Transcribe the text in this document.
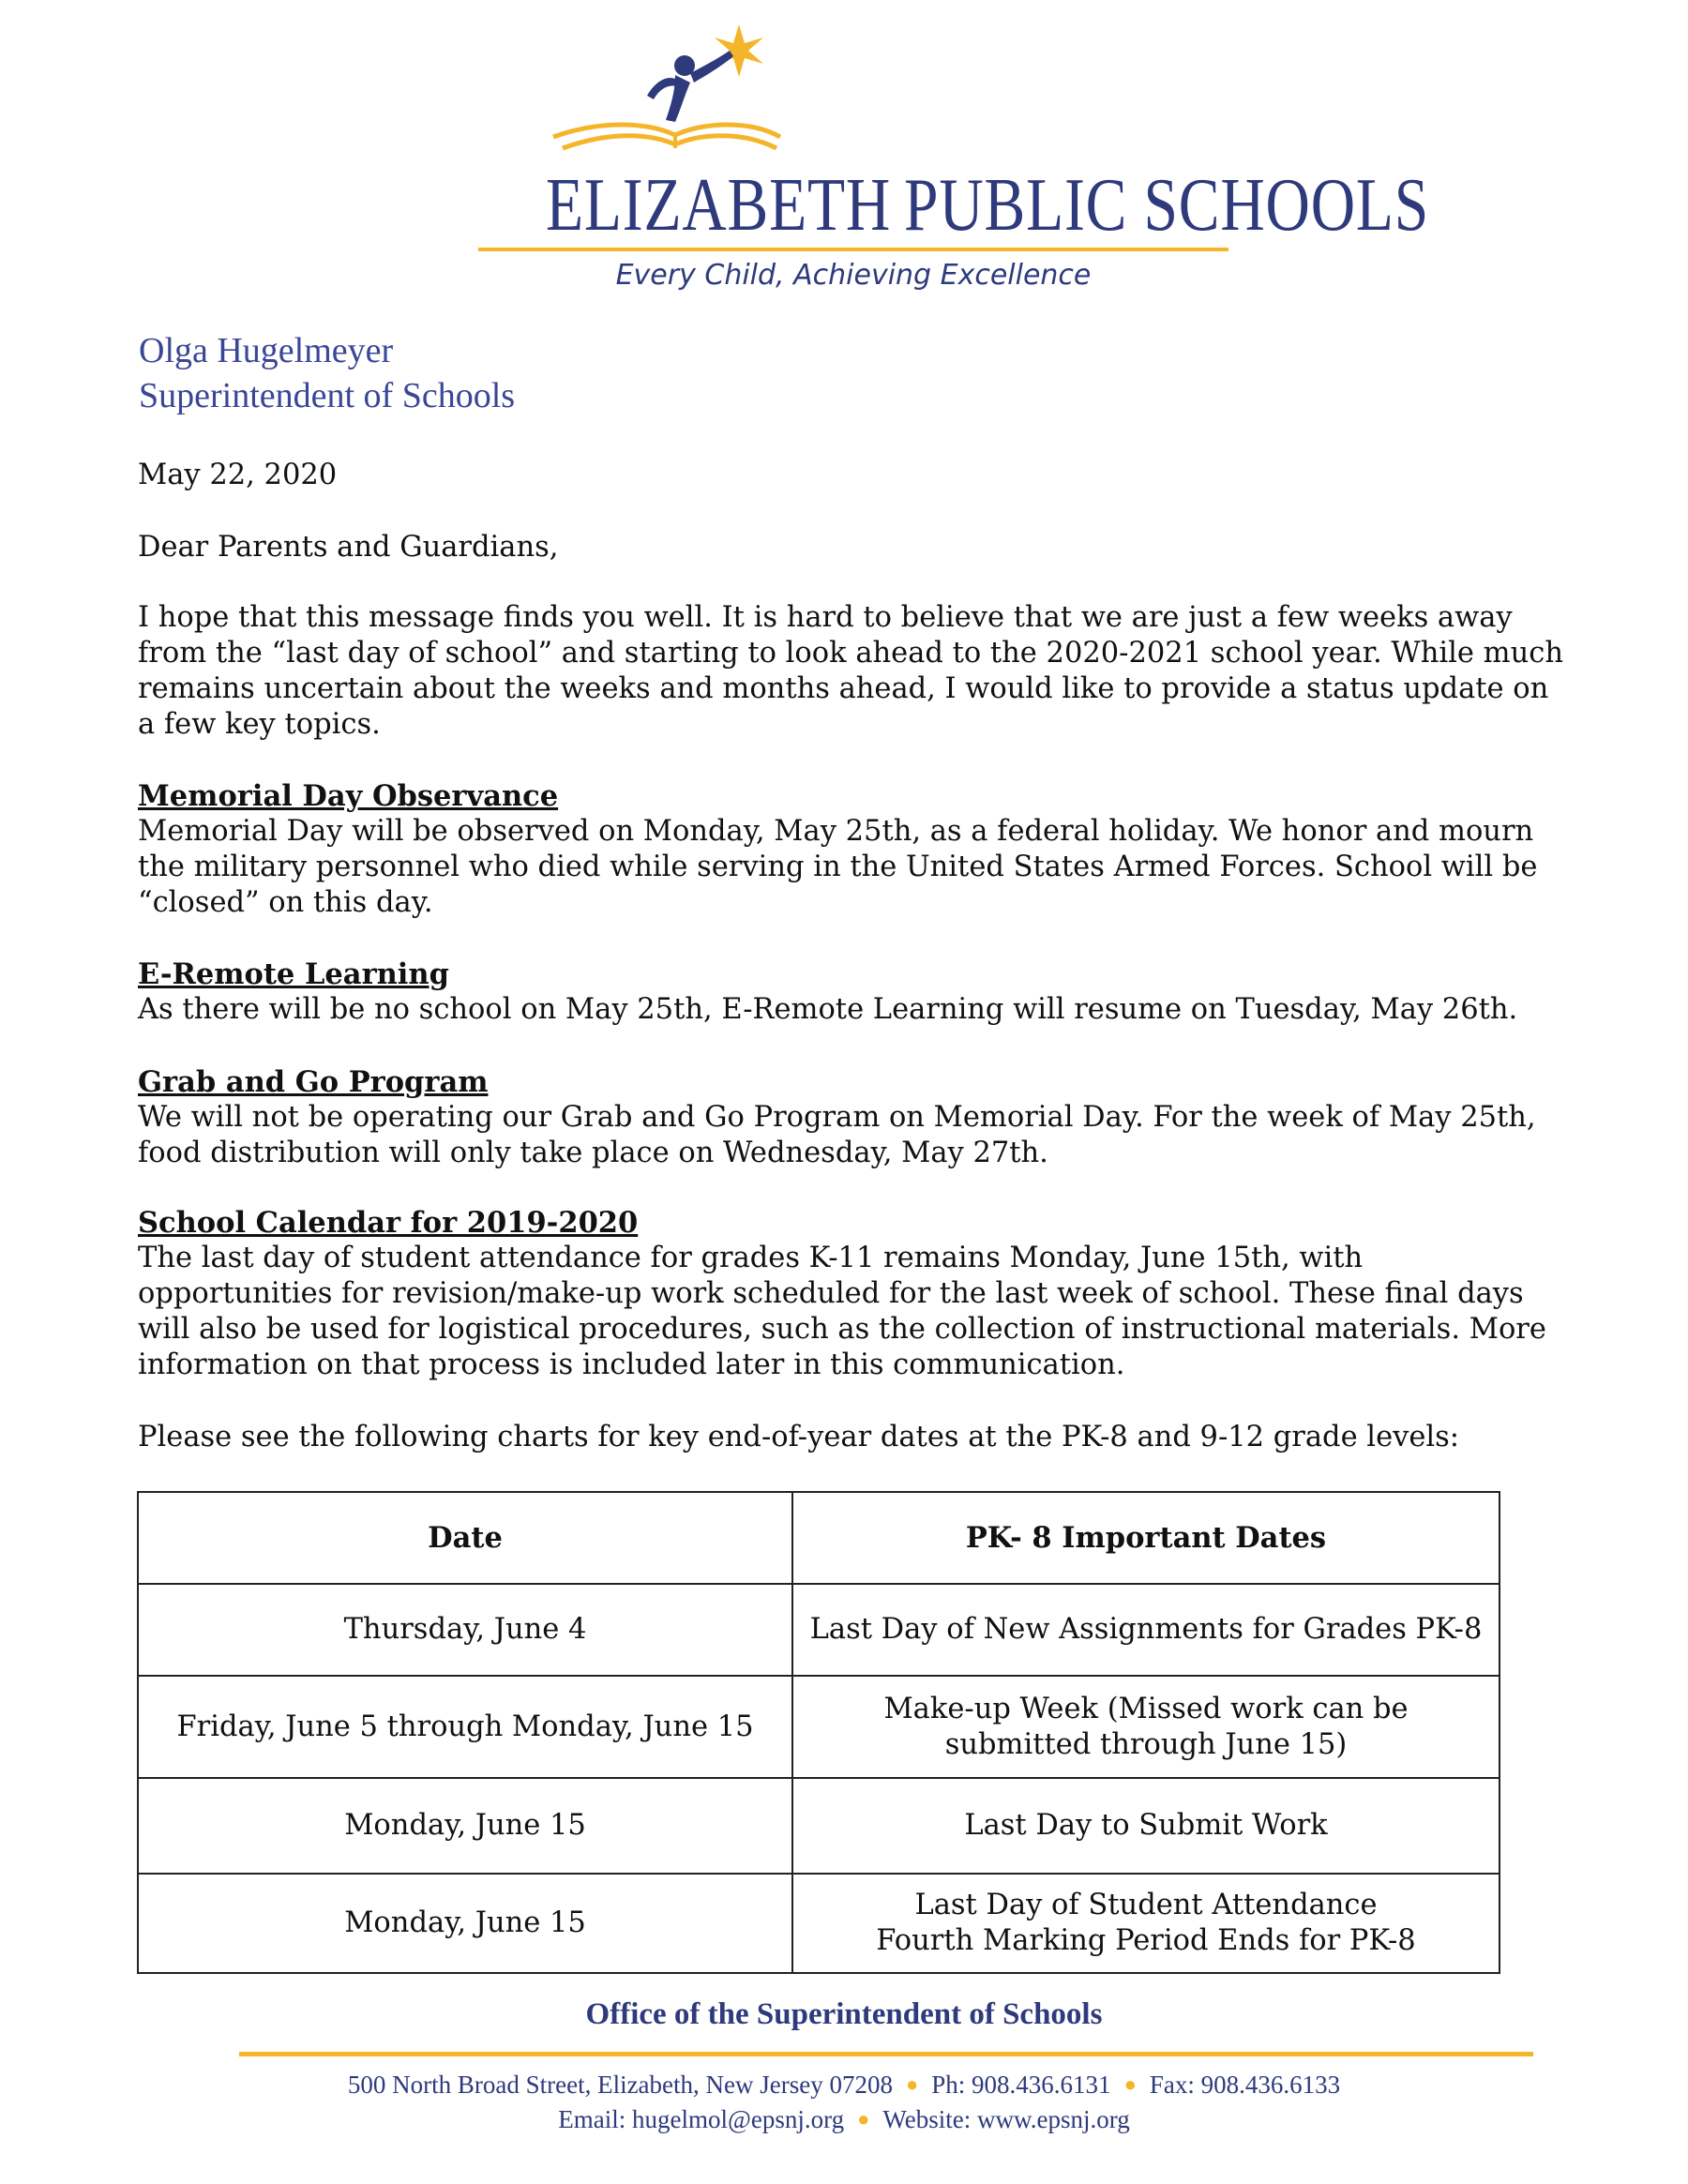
ELIZABETH PUBLIC SCHOOLS
Every Child, Achieving Excellence
Olga Hugelmeyer
Superintendent of Schools
May 22, 2020
Dear Parents and Guardians,
I hope that this message finds you well. It is hard to believe that we are just a few weeks away from the “last day of school” and starting to look ahead to the 2020-2021 school year. While much remains uncertain about the weeks and months ahead, I would like to provide a status update on a few key topics.
Memorial Day Observance

Memorial Day will be observed on Monday, May 25th, as a federal holiday. We honor and mourn the military personnel who died while serving in the United States Armed Forces. School will be “closed” on this day.

E-Remote Learning

As there will be no school on May 25th, E-Remote Learning will resume on Tuesday, May 26th.

Grab and Go Program

We will not be operating our Grab and Go Program on Memorial Day. For the week of May 25th, food distribution will only take place on Wednesday, May 27th.

School Calendar for 2019-2020

The last day of student attendance for grades K-11 remains Monday, June 15th, with opportunities for revision/make-up work scheduled for the last week of school. These final days will also be used for logistical procedures, such as the collection of instructional materials. More information on that process is included later in this communication.

Please see the following charts for key end-of-year dates at the PK-8 and 9-12 grade levels:
Date	PK- 8 Important Dates
Thursday, June 4	Last Day of New Assignments for Grades PK-8

Friday, June 5 through Monday, June 15	Make-up Week (Missed work can be
submitted through June 15)

Monday, June 15	Last Day to Submit Work

Monday, June 15	Last Day of Student Attendance
Fourth Marking Period Ends for PK-8
Office of the Superintendent of Schools
500 North Broad Street, Elizabeth, New Jersey 07208 ● Ph: 908.436.6131 ● Fax: 908.436.6133
Email: hugelmol@epsnj.org ● Website: www.epsnj.org
